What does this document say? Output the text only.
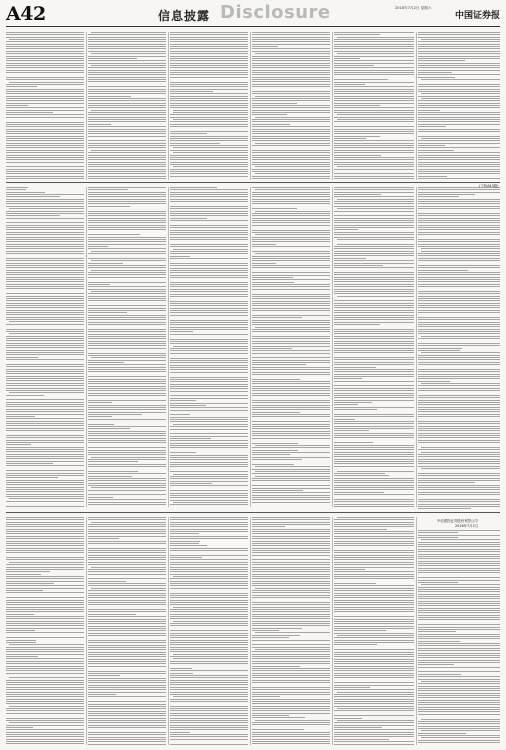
A42	信息披露 Disclosure	2016年7月2日 星期六
中国证券报
(下转A43版)
中信建投证券股份有限公司
2016年7月2日
